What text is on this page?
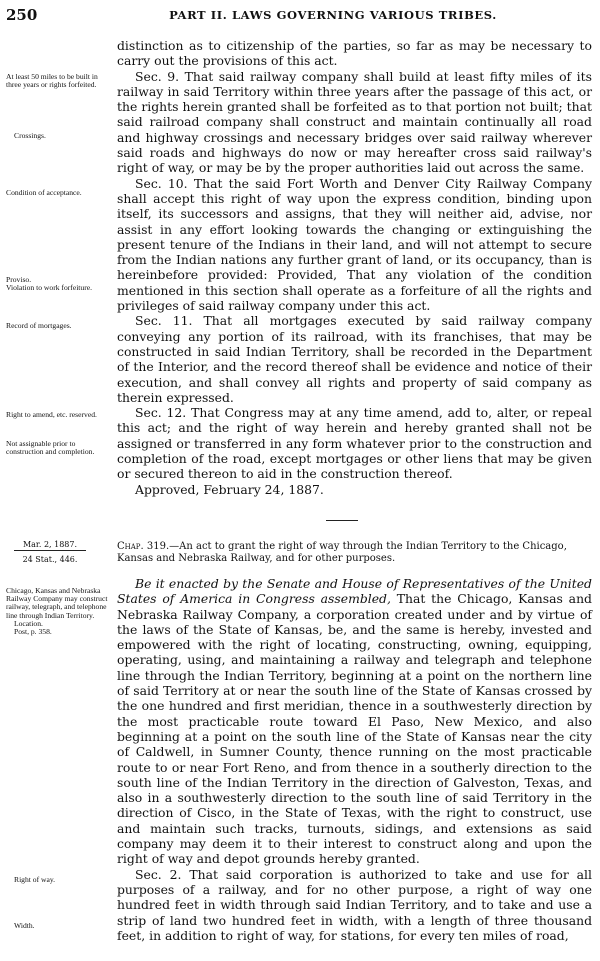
250	PART II. LAWS GOVERNING VARIOUS TRIBES.
At least 50 miles to be built in three years or rights forfeited.
Crossings.
Condition of acceptance.
Proviso.
Violation to work forfeiture.
Record of mortgages.
Right to amend, etc. reserved.
Not assignable prior to construction and completion.
Mar. 2, 1887.
24 Stat., 446.
Chicago, Kansas and Nebraska Railway Company may construct railway, telegraph, and telephone line through Indian Territory.
Location.
Post, p. 358.
Right of way.
Width.

distinction as to citizenship of the parties, so far as may be necessary to carry out the provisions of this act.

Sec. 9. That said railway company shall build at least fifty miles of its railway in said Territory within three years after the passage of this act, or the rights herein granted shall be forfeited as to that portion not built; that said railroad company shall construct and maintain continually all road and highway crossings and necessary bridges over said railway wherever said roads and highways do now or may hereafter cross said railway's right of way, or may be by the proper authorities laid out across the same.

Sec. 10. That the said Fort Worth and Denver City Railway Company shall accept this right of way upon the express condition, binding upon itself, its successors and assigns, that they will neither aid, advise, nor assist in any effort looking towards the changing or extinguishing the present tenure of the Indians in their land, and will not attempt to secure from the Indian nations any further grant of land, or its occupancy, than is hereinbefore provided: Provided, That any violation of the condition mentioned in this section shall operate as a forfeiture of all the rights and privileges of said railway company under this act.

Sec. 11. That all mortgages executed by said railway company conveying any portion of its railroad, with its franchises, that may be constructed in said Indian Territory, shall be recorded in the Department of the Interior, and the record thereof shall be evidence and notice of their execution, and shall convey all rights and property of said company as therein expressed.

Sec. 12. That Congress may at any time amend, add to, alter, or repeal this act; and the right of way herein and hereby granted shall not be assigned or transferred in any form whatever prior to the construction and completion of the road, except mortgages or other liens that may be given or secured thereon to aid in the construction thereof.

Approved, February 24, 1887.

Chap. 319.—An act to grant the right of way through the Indian Territory to the Chicago, Kansas and Nebraska Railway, and for other purposes.

Be it enacted by the Senate and House of Representatives of the United States of America in Congress assembled, That the Chicago, Kansas and Nebraska Railway Company, a corporation created under and by virtue of the laws of the State of Kansas, be, and the same is hereby, invested and empowered with the right of locating, constructing, owning, equipping, operating, using, and maintaining a railway and telegraph and telephone line through the Indian Territory, beginning at a point on the northern line of said Territory at or near the south line of the State of Kansas crossed by the one hundred and first meridian, thence in a southwesterly direction by the most practicable route toward El Paso, New Mexico, and also beginning at a point on the south line of the State of Kansas near the city of Caldwell, in Sumner County, thence running on the most practicable route to or near Fort Reno, and from thence in a southerly direction to the south line of the Indian Territory in the direction of Galveston, Texas, and also in a southwesterly direction to the south line of said Territory in the direction of Cisco, in the State of Texas, with the right to construct, use and maintain such tracks, turnouts, sidings, and extensions as said company may deem it to their interest to construct along and upon the right of way and depot grounds hereby granted.

Sec. 2. That said corporation is authorized to take and use for all purposes of a railway, and for no other purpose, a right of way one hundred feet in width through said Indian Territory, and to take and use a strip of land two hundred feet in width, with a length of three thousand feet, in addition to right of way, for stations, for every ten miles of road,
